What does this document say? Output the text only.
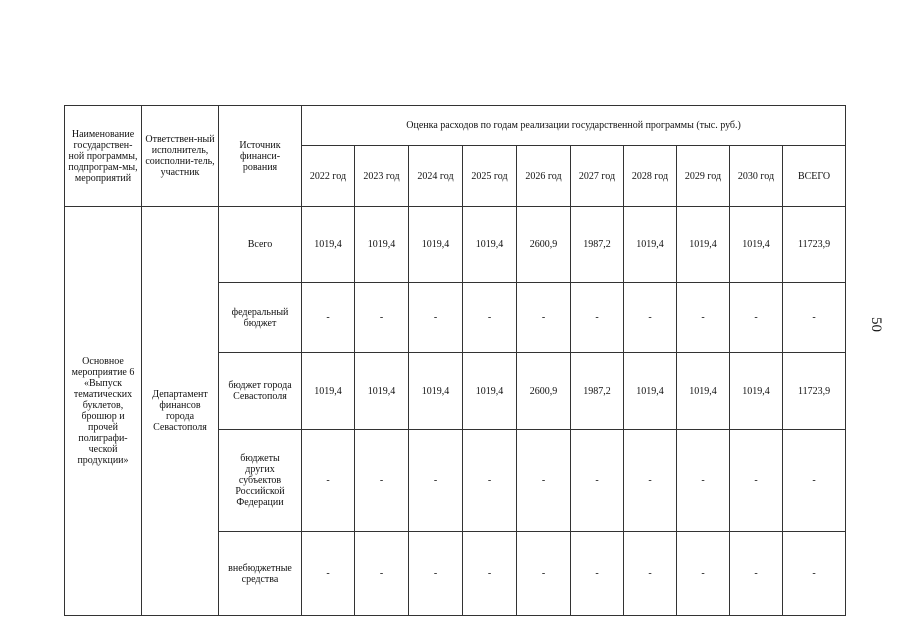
50
Наименование государствен-ной программы, подпрограм-мы, мероприятий	Ответствен-ный исполнитель, соисполни-тель, участник	Источник финанси-рования	Оценка расходов по годам реализации государственной программы (тыс. руб.)									
			2022 год	2023 год	2024 год	2025 год	2026 год	2027 год	2028 год	2029 год	2030 год	ВСЕГО
Основное мероприятие 6 «Выпуск тематических буклетов, брошюр и прочей полиграфи-ческой продукции»	Департамент финансов города Севастополя	Всего	1019,4	1019,4	1019,4	1019,4	2600,9	1987,2	1019,4	1019,4	1019,4	11723,9
		федеральный бюджет	-	-	-	-	-	-	-	-	-	-
		бюджет города Севастополя	1019,4	1019,4	1019,4	1019,4	2600,9	1987,2	1019,4	1019,4	1019,4	11723,9
		бюджеты других субъектов Российской Федерации	-	-	-	-	-	-	-	-	-	-
		внебюджетные средства	-	-	-	-	-	-	-	-	-	-
